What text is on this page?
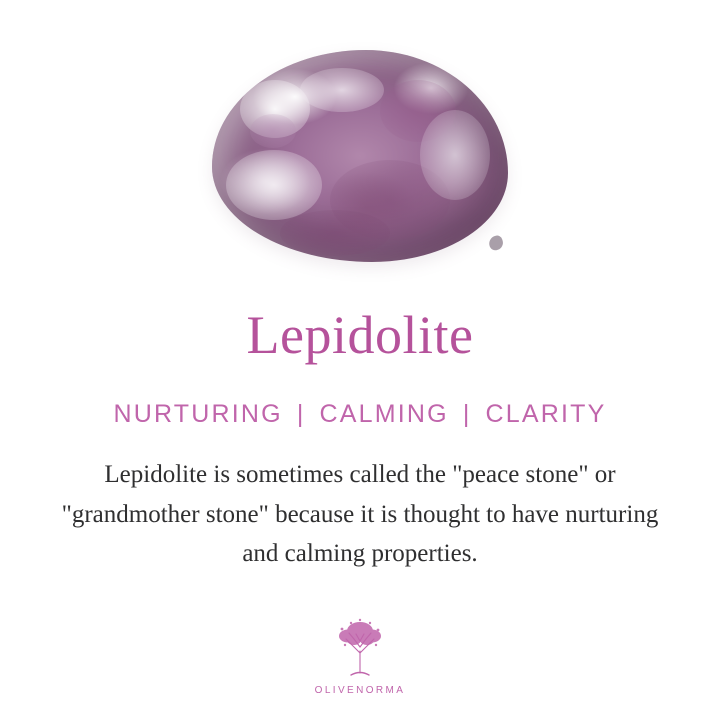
Lepidolite
NURTURING | CALMING | CLARITY

Lepidolite is sometimes called the "peace stone" or "grandmother stone" because it is thought to have nurturing and calming properties.

OLIVENORMA
